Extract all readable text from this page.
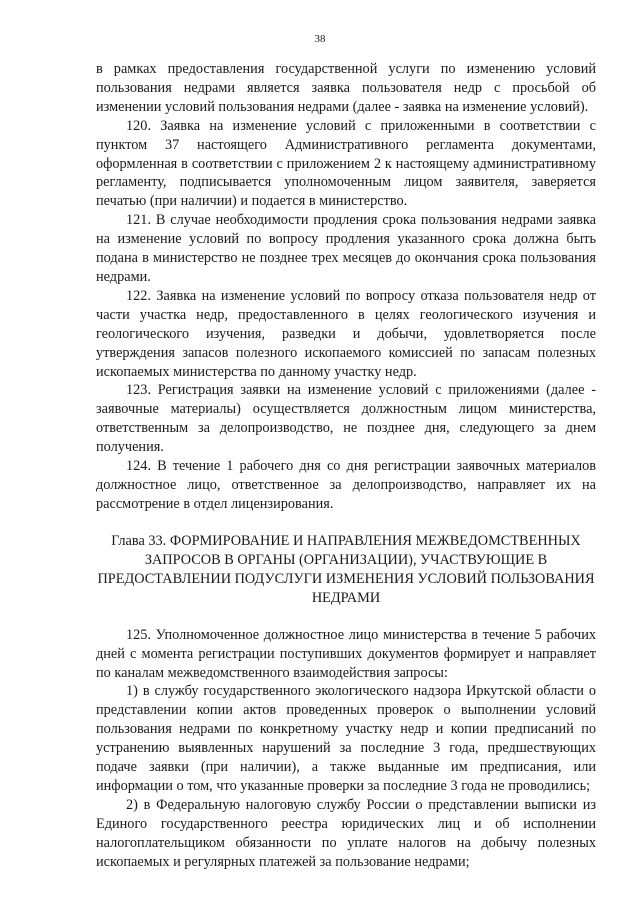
38

в рамках предоставления государственной услуги по изменению условий пользования недрами является заявка пользователя недр с просьбой об изменении условий пользования недрами (далее - заявка на изменение условий).

120. Заявка на изменение условий с приложенными в соответствии с пунктом 37 настоящего Административного регламента документами, оформленная в соответствии с приложением 2 к настоящему административному регламенту, подписывается уполномоченным лицом заявителя, заверяется печатью (при наличии) и подается в министерство.

121. В случае необходимости продления срока пользования недрами заявка на изменение условий по вопросу продления указанного срока должна быть подана в министерство не позднее трех месяцев до окончания срока пользования недрами.

122. Заявка на изменение условий по вопросу отказа пользователя недр от части участка недр, предоставленного в целях геологического изучения и геологического изучения, разведки и добычи, удовлетворяется после утверждения запасов полезного ископаемого комиссией по запасам полезных ископаемых министерства по данному участку недр.

123. Регистрация заявки на изменение условий с приложениями (далее - заявочные материалы) осуществляется должностным лицом министерства, ответственным за делопроизводство, не позднее дня, следующего за днем получения.

124. В течение 1 рабочего дня со дня регистрации заявочных материалов должностное лицо, ответственное за делопроизводство, направляет их на рассмотрение в отдел лицензирования.

Глава 33. ФОРМИРОВАНИЕ И НАПРАВЛЕНИЯ МЕЖВЕДОМСТВЕННЫХ ЗАПРОСОВ В ОРГАНЫ (ОРГАНИЗАЦИИ), УЧАСТВУЮЩИЕ В ПРЕДОСТАВЛЕНИИ ПОДУСЛУГИ ИЗМЕНЕНИЯ УСЛОВИЙ ПОЛЬЗОВАНИЯ НЕДРАМИ

125. Уполномоченное должностное лицо министерства в течение 5 рабочих дней с момента регистрации поступивших документов формирует и направляет по каналам межведомственного взаимодействия запросы:

1) в службу государственного экологического надзора Иркутской области о представлении копии актов проведенных проверок о выполнении условий пользования недрами по конкретному участку недр и копии предписаний по устранению выявленных нарушений за последние 3 года, предшествующих подаче заявки (при наличии), а также выданные им предписания, или информации о том, что указанные проверки за последние 3 года не проводились;

2) в Федеральную налоговую службу России о представлении выписки из Единого государственного реестра юридических лиц и об исполнении налогоплательщиком обязанности по уплате налогов на добычу полезных ископаемых и регулярных платежей за пользование недрами;
